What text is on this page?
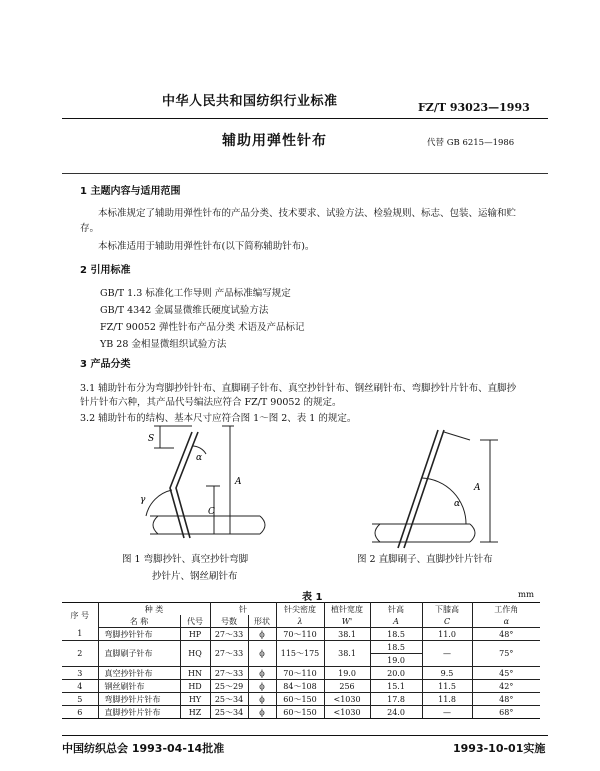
中华人民共和国纺织行业标准	FZ/T 93023—1993
辅助用弹性针布	代替 GB 6215—1986
1 主题内容与适用范围
本标准规定了辅助用弹性针布的产品分类、技术要求、试验方法、检验规则、标志、包装、运输和贮
存。
本标准适用于辅助用弹性针布(以下简称辅助针布)。
2 引用标准
GB/T 1.3 标准化工作导则 产品标准编写规定
GB/T 4342 金属显微维氏硬度试验方法
FZ/T 90052 弹性针布产品分类 术语及产品标记
YB 28 金相显微组织试验方法
3 产品分类
3.1 辅助针布分为弯脚抄针针布、直脚刷子针布、真空抄针针布、钢丝刷针布、弯脚抄针片针布、直脚抄
针片针布六种，其产品代号编法应符合 FZ/T 90052 的规定。
3.2 辅助针布的结构、基本尺寸应符合图 1～图 2、表 1 的规定。
S
A
C
α
γ
图 1 弯脚抄针、真空抄针弯脚
抄针片、钢丝刷针布
A
α
图 2 直脚刷子、直脚抄针片针布
表 1	mm
序 号	种 类		针		针尖密度	植针宽度	针高	下膝高	工作角
	名 称	代号	号数	形状	λ	W'	A	C	α

1	弯脚抄针针布	HP	27～33	ϕ	70～110	38.1	18.5	11.0	48°
2	直脚刷子针布	HQ	27～33	ϕ	115～175	38.1	18.5	—	75°
							19.0		
3	真空抄针针布	HN	27～33	ϕ	70～110	19.0	20.0	9.5	45°
4	钢丝刷针布	HD	25～29	ϕ	84～108	256	15.1	11.5	42°
5	弯脚抄针片针布	HY	25～34	ϕ	60～150	<1030	17.8	11.8	48°
6	直脚抄针片针布	HZ	25～34	ϕ	60～150	<1030	24.0	—	68°
中国纺织总会 1993-04-14批准	1993-10-01实施
